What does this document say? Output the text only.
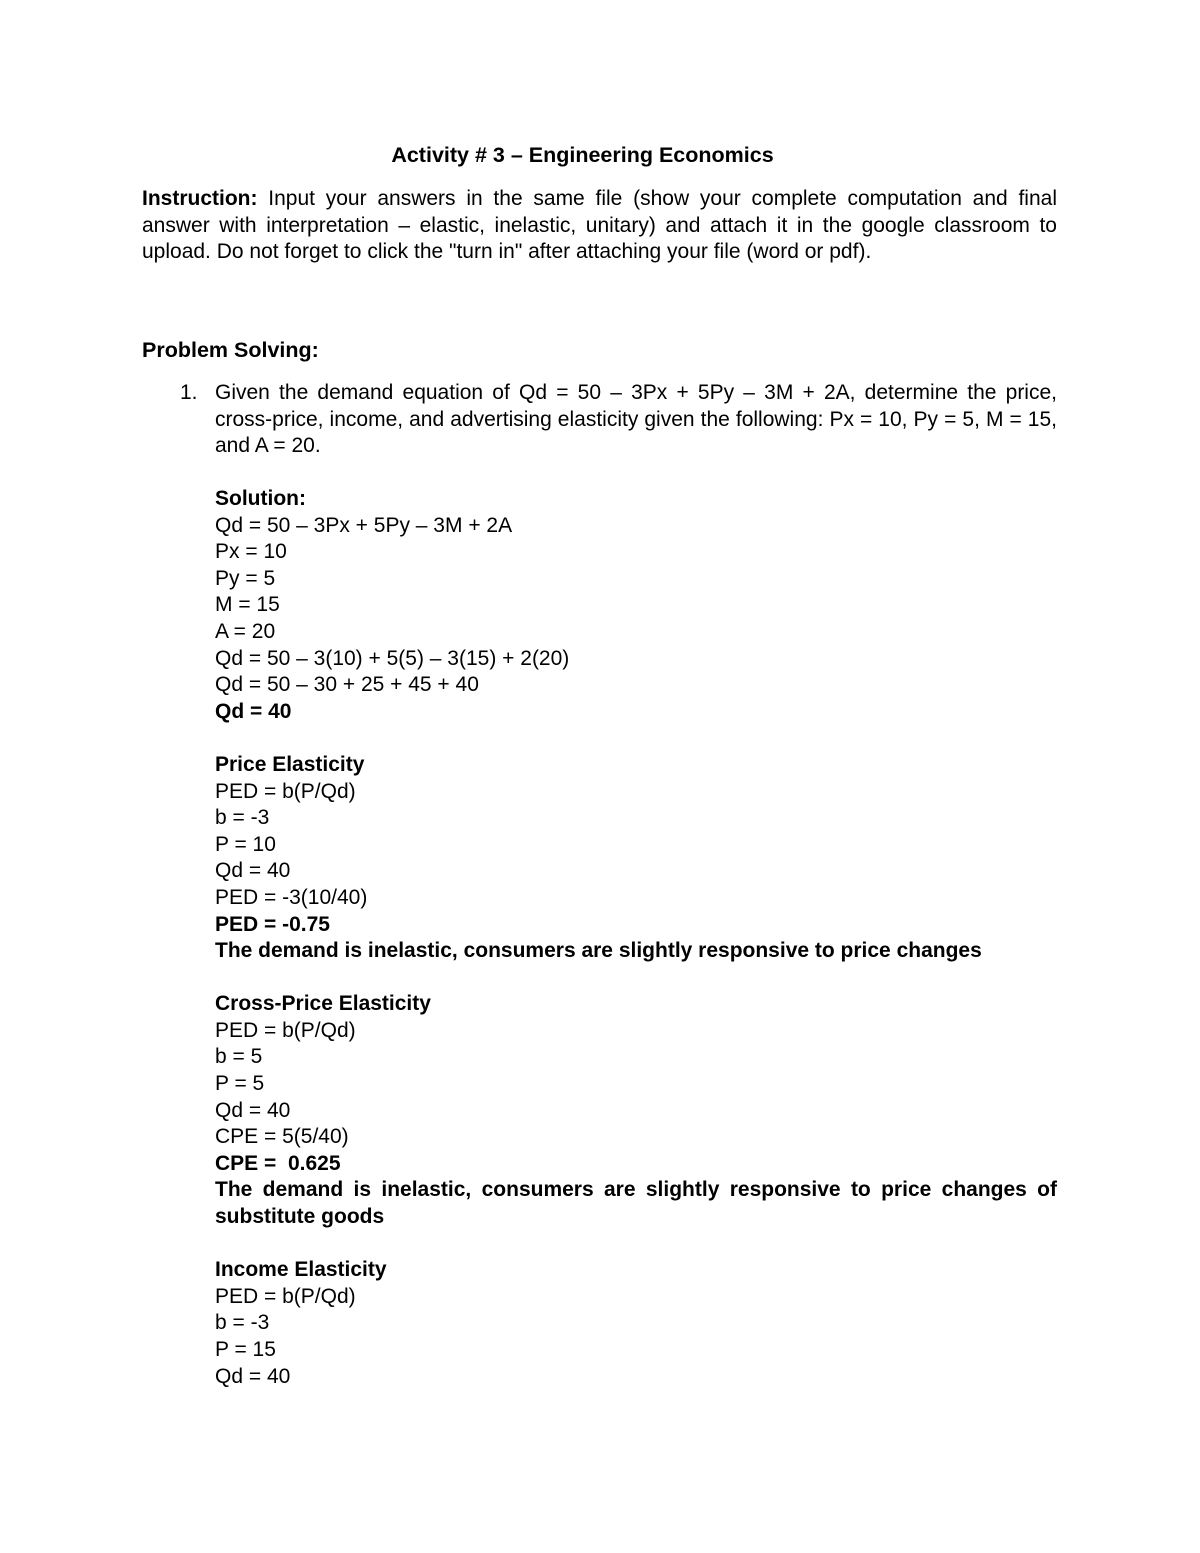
Activity # 3 – Engineering Economics
Instruction: Input your answers in the same file (show your complete computation and final answer with interpretation – elastic, inelastic, unitary) and attach it in the google classroom to upload. Do not forget to click the "turn in" after attaching your file (word or pdf).
Problem Solving:
1. Given the demand equation of Qd = 50 – 3Px + 5Py – 3M + 2A, determine the price, cross-price, income, and advertising elasticity given the following: Px = 10, Py = 5, M = 15, and A = 20.
Solution:
Qd = 50 – 3Px + 5Py – 3M + 2A
Px = 10
Py = 5
M = 15
A = 20
Qd = 50 – 3(10) + 5(5) – 3(15) + 2(20)
Qd = 50 – 30 + 25 + 45 + 40
Qd = 40
Price Elasticity
PED = b(P/Qd)
b = -3
P = 10
Qd = 40
PED = -3(10/40)
PED = -0.75
The demand is inelastic, consumers are slightly responsive to price changes
Cross-Price Elasticity
PED = b(P/Qd)
b = 5
P = 5
Qd = 40
CPE = 5(5/40)
CPE =  0.625
The demand is inelastic, consumers are slightly responsive to price changes of substitute goods
Income Elasticity
PED = b(P/Qd)
b = -3
P = 15
Qd = 40
